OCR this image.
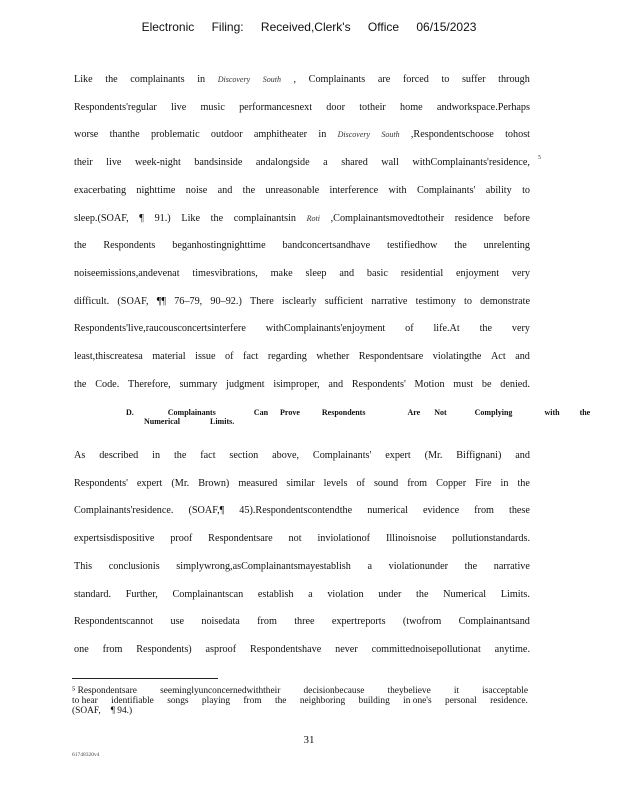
Electronic Filing: Received,Clerk's Office 06/15/2023
Like the complainants in Discovery South , Complainants are forced to suffer through
Respondents'regular live music performancesnext door totheir home andworkspace.Perhaps
worse thanthe problematic outdoor amphitheater in Discovery South ,Respondentschoose tohost
their live week-night bandsinside andalongside a shared wall withComplainants'residence,
exacerbating nighttime noise and the unreasonable interference with Complainants' ability to
sleep.(SOAF, ¶ 91.) Like the complainantsin Roti ,Complainantsmovedtotheir residence before
the Respondents beganhostingnighttime bandconcertsandhave testifiedhow the unrelenting
noiseemissions,andevenat timesvibrations, make sleep and basic residential enjoyment very
difficult. (SOAF, ¶¶ 76–79, 90–92.) There isclearly sufficient narrative testimony to demonstrate
Respondents'live,raucousconcertsinterfere withComplainants'enjoyment of life.At the very
least,thiscreatesa material issue of fact regarding whether Respondentsare violatingthe Act and
the Code. Therefore, summary judgment isimproper, and Respondents' Motion must be denied.
5
D.	Complainants	Can Prove	Respondents	Are Not	Complying	with	the
Numerical	Limits.
As described in the fact section above, Complainants' expert (Mr. Biffignani) and
Respondents' expert (Mr. Brown) measured similar levels of sound from Copper Fire in the
Complainants'residence. (SOAF,¶ 45).Respondentscontendthe numerical evidence from these
expertsisdispositive proof Respondentsare not inviolationof Illinoisnoise pollutionstandards.
This conclusionis simplywrong,asComplainantsmayestablish a violationunder the narrative
standard. Further, Complainantscan establish a violation under the Numerical Limits.
Respondentscannot use noisedata from three expertreports (twofrom Complainantsand
one from Respondents) asproof Respondentshave never committednoisepollutionat anytime.
⁵ Respondentsare seeminglyunconcernedwiththeir decisionbecause theybelieve it isacceptable
to hear identifiable songs playing from the neighboring building in one's personal residence.
(SOAF, ¶ 94.)
31
61748320v4
